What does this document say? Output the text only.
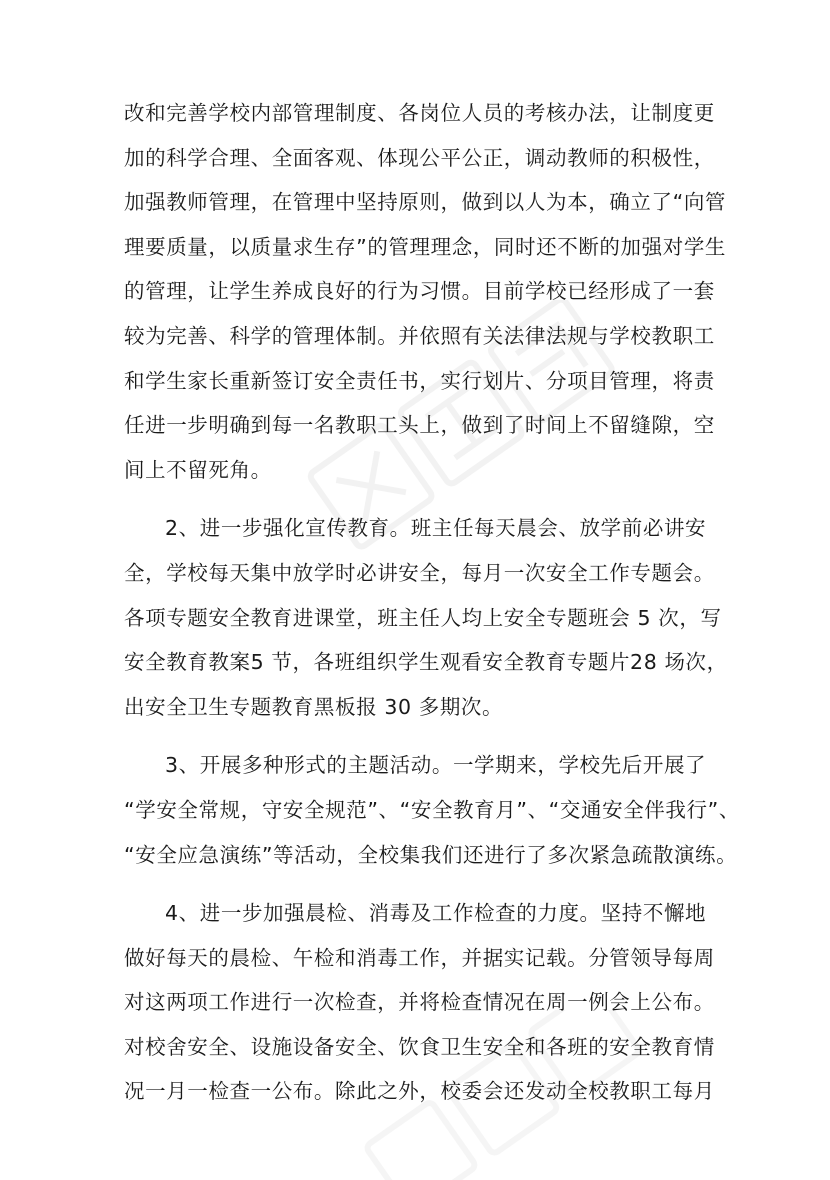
改和完善学校内部管理制度、各岗位人员的考核办法，让制度更
加的科学合理、全面客观、体现公平公正，调动教师的积极性，
加强教师管理，在管理中坚持原则，做到以人为本，确立了“向管
理要质量，以质量求生存”的管理理念，同时还不断的加强对学生
的管理，让学生养成良好的行为习惯。目前学校已经形成了一套
较为完善、科学的管理体制。并依照有关法律法规与学校教职工
和学生家长重新签订安全责任书，实行划片、分项目管理，将责
任进一步明确到每一名教职工头上，做到了时间上不留缝隙，空
间上不留死角。

2、进一步强化宣传教育。班主任每天晨会、放学前必讲安
全，学校每天集中放学时必讲安全，每月一次安全工作专题会。
各项专题安全教育进课堂，班主任人均上安全专题班会 5 次，写
安全教育教案5 节，各班组织学生观看安全教育专题片28 场次，
出安全卫生专题教育黑板报 30 多期次。

3、开展多种形式的主题活动。一学期来，学校先后开展了
“学安全常规，守安全规范”、“安全教育月”、“交通安全伴我行”、
“安全应急演练”等活动，全校集我们还进行了多次紧急疏散演练。

4、进一步加强晨检、消毒及工作检查的力度。坚持不懈地
做好每天的晨检、午检和消毒工作，并据实记载。分管领导每周
对这两项工作进行一次检查，并将检查情况在周一例会上公布。
对校舍安全、设施设备安全、饮食卫生安全和各班的安全教育情
况一月一检查一公布。除此之外，校委会还发动全校教职工每月
